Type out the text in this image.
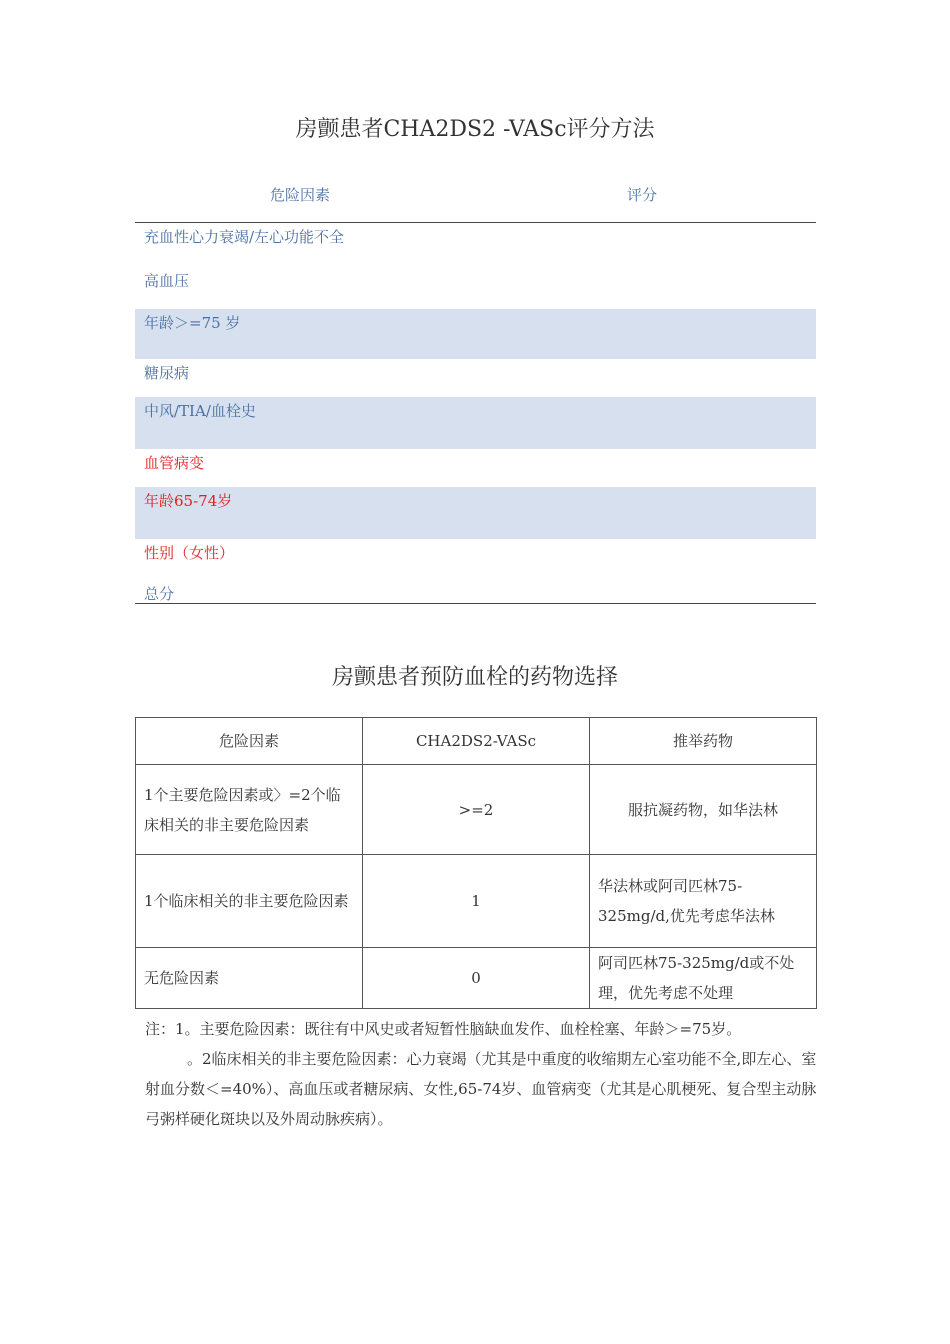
房颤患者CHA2DS2 -VASc评分方法
危险因素	评分
充血性心力衰竭/左心功能不全
高血压
年龄＞=75 岁
糖尿病
中风/TIA/血栓史
血管病变
年龄65-74岁
性别（女性）
总分
房颤患者预防血栓的药物选择
危险因素	CHA2DS2-VASc	推举药物
1个主要危险因素或〉=2个临床相关的非主要危险因素	>=2	服抗凝药物，如华法林
1个临床相关的非主要危险因素	1	华法林或阿司匹林75-325mg/d,优先考虑华法林
无危险因素	0	阿司匹林75-325mg/d或不处理，优先考虑不处理

注：1。主要危险因素：既往有中风史或者短暂性脑缺血发作、血栓栓塞、年龄＞=75岁。

。2临床相关的非主要危险因素：心力衰竭（尤其是中重度的收缩期左心室功能不全,即左心、室射血分数＜=40%）、高血压或者糖尿病、女性,65-74岁、血管病变（尤其是心肌梗死、复合型主动脉弓粥样硬化斑块以及外周动脉疾病）。
